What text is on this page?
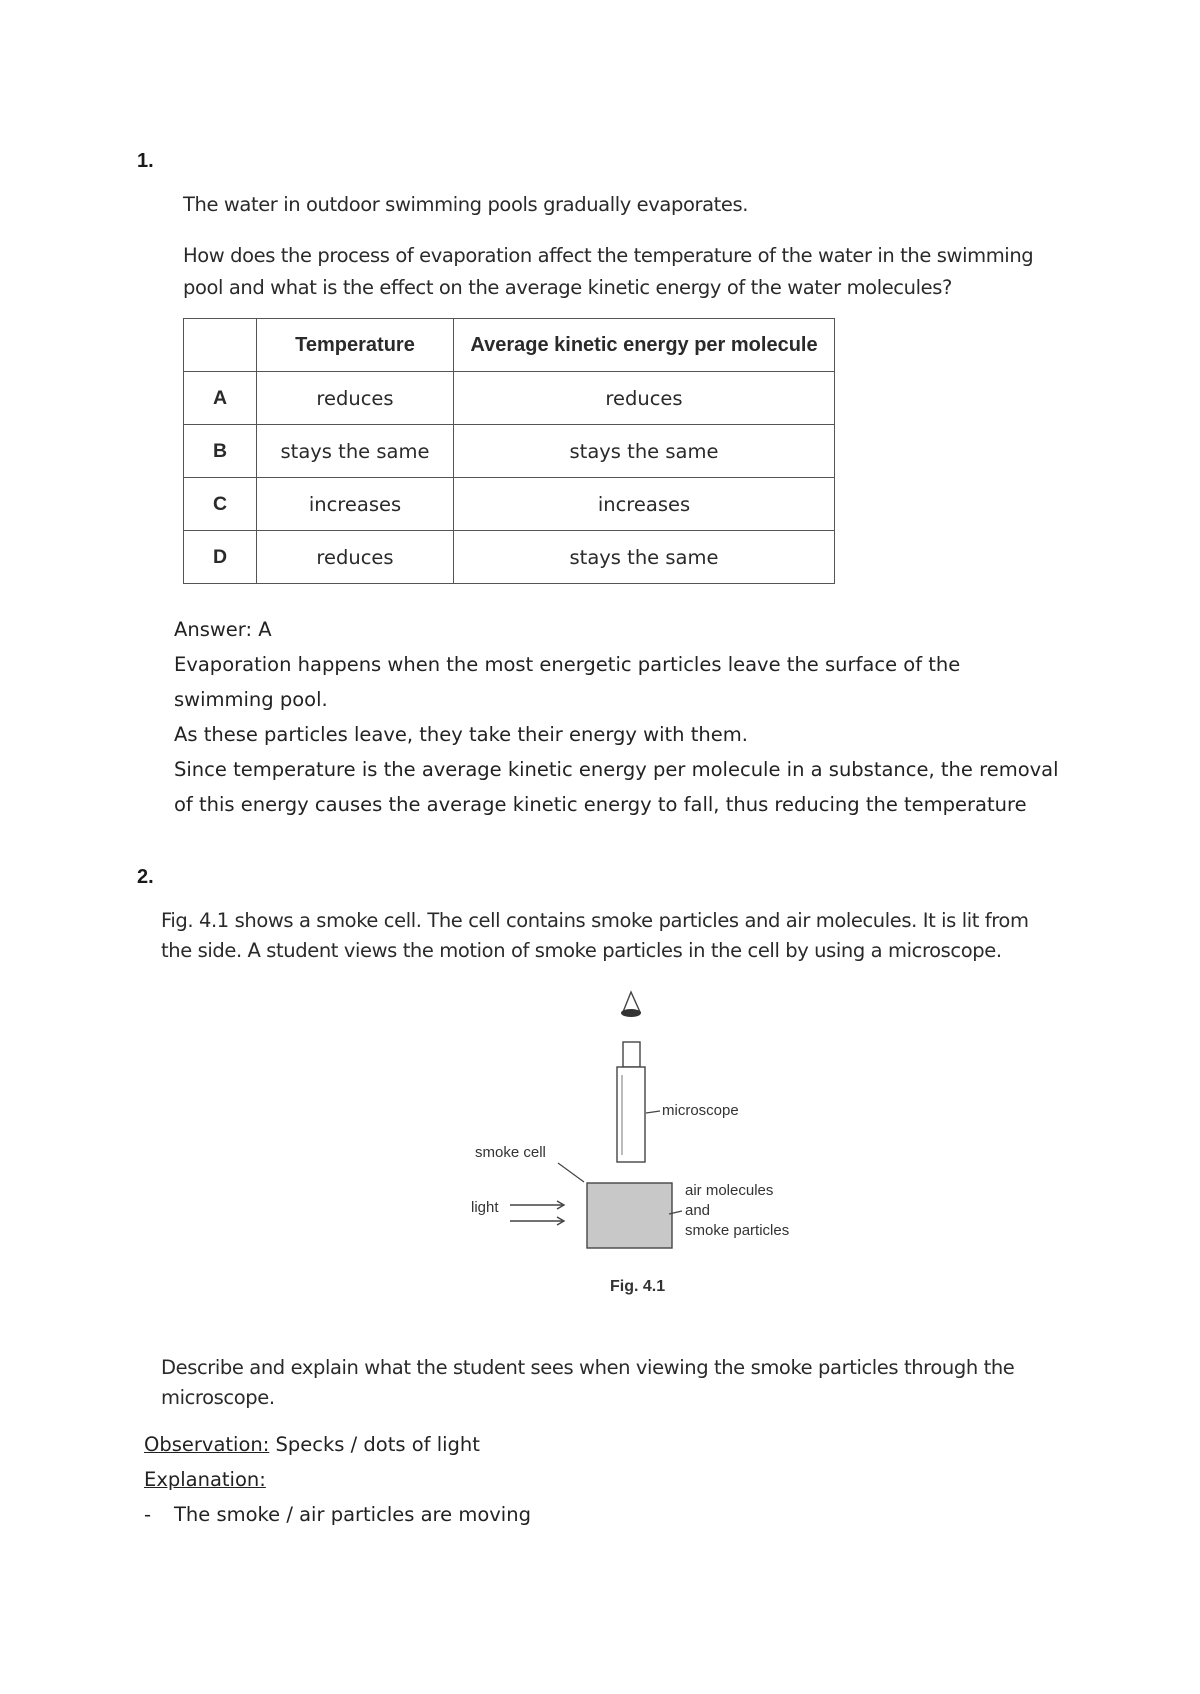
1.
The water in outdoor swimming pools gradually evaporates.
How does the process of evaporation affect the temperature of the water in the swimming
pool and what is the effect on the average kinetic energy of the water molecules?
	Temperature	Average kinetic energy per molecule
A	reduces	reduces
B	stays the same	stays the same
C	increases	increases
D	reduces	stays the same
Answer: A
Evaporation happens when the most energetic particles leave the surface of the
swimming pool.
As these particles leave, they take their energy with them.
Since temperature is the average kinetic energy per molecule in a substance, the removal
of this energy causes the average kinetic energy to fall, thus reducing the temperature
2.
Fig. 4.1 shows a smoke cell. The cell contains smoke particles and air molecules. It is lit from
the side. A student views the motion of smoke particles in the cell by using a microscope.
microscope
smoke cell
light
air molecules
and
smoke particles
Fig. 4.1
Describe and explain what the student sees when viewing the smoke particles through the
microscope.
Observation: Specks / dots of light
Explanation:
- The smoke / air particles are moving
